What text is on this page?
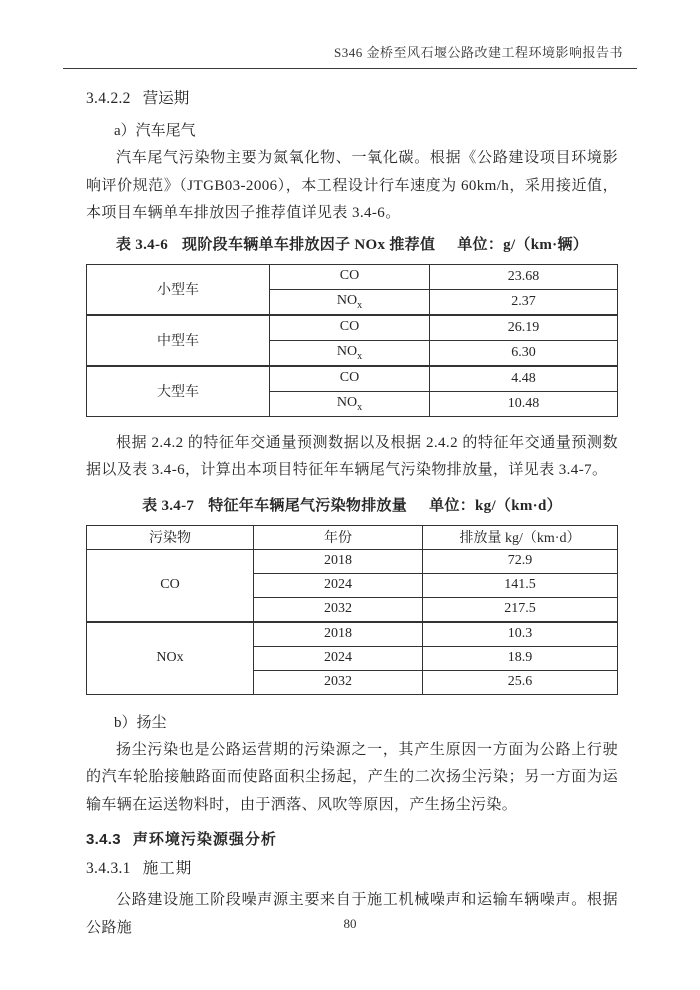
S346 金桥至风石堰公路改建工程环境影响报告书
3.4.2.2 营运期

a）汽车尾气

汽车尾气污染物主要为氮氧化物、一氧化碳。根据《公路建设项目环境影响评价规范》（JTGB03-2006），本工程设计行车速度为 60km/h，采用接近值，本项目车辆单车排放因子推荐值详见表 3.4-6。

表 3.4-6 现阶段车辆单车排放因子 NOx 推荐值 单位：g/（km·辆）
小型车	CO	23.68
	$NO_x$	2.37
中型车	CO	26.19
	$NO_x$	6.30
大型车	CO	4.48
	$NO_x$	10.48

根据 2.4.2 的特征年交通量预测数据以及根据 2.4.2 的特征年交通量预测数据以及表 3.4-6，计算出本项目特征年车辆尾气污染物排放量，详见表 3.4-7。

表 3.4-7 特征年车辆尾气污染物排放量 单位：kg/（km·d）
污染物	年份	排放量 kg/（km·d）
CO	2018	72.9
	2024	141.5
	2032	217.5
NOx	2018	10.3
	2024	18.9
	2032	25.6

b）扬尘

扬尘污染也是公路运营期的污染源之一，其产生原因一方面为公路上行驶的汽车轮胎接触路面而使路面积尘扬起，产生的二次扬尘污染；另一方面为运输车辆在运送物料时，由于洒落、风吹等原因，产生扬尘污染。

3.4.3 声环境污染源强分析
3.4.3.1 施工期

公路建设施工阶段噪声源主要来自于施工机械噪声和运输车辆噪声。根据公路施	80
